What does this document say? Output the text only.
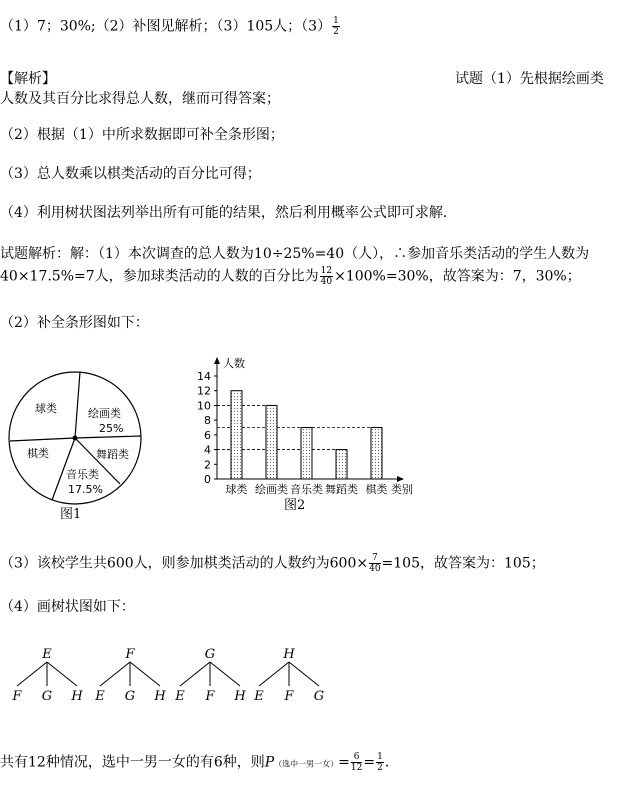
（1）7；30%;（2）补图见解析；（3）105人；$(3) \frac{1}{2}$
【解析】	试题（1）先根据绘画类
人数及其百分比求得总人数，继而可得答案；
（2）根据（1）中所求数据即可补全条形图；
（3）总人数乘以棋类活动的百分比可得；
（4）利用树状图法列举出所有可能的结果，然后利用概率公式即可求解．
试题解析：解：（1）本次调查的总人数为10÷25%=40（人），∴参加音乐类活动的学生人数为
40×17.5%=7人，参加球类活动的人数的百分比为 $\frac{12}{40} \times 100\%=30\%$，故答案为：7，30%；
（2）补全条形图如下：
球类	绘画类
25%
棋类	舞蹈类
音乐类
17.5%
图1
人数
类别
0
2
4
6
8
10
12
14
球类 绘画类 音乐类 舞蹈类 棋类
图2
（3）该校学生共600人，则参加棋类活动的人数约为$600\times \frac{7}{40} =105$，故答案为：105；
（4）画树状图如下：
E
F G H
F
E G H
G
E F H
H
E F G
共有12种情况，选中一男一女的有6种，则P（选中一男一女）= $\frac{6}{12} = \frac{1}{2}$ ．
